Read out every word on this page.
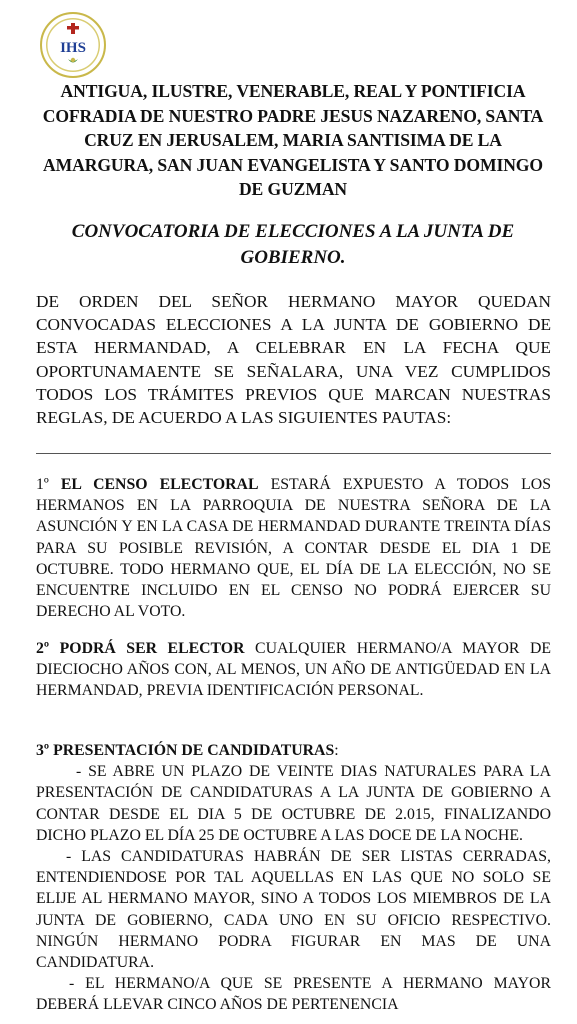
IHS
ANTIGUA, ILUSTRE, VENERABLE, REAL Y PONTIFICIA COFRADIA DE NUESTRO PADRE JESUS NAZARENO, SANTA CRUZ EN JERUSALEM, MARIA SANTISIMA DE LA AMARGURA, SAN JUAN EVANGELISTA Y SANTO DOMINGO DE GUZMAN
CONVOCATORIA DE ELECCIONES A LA JUNTA DE GOBIERNO.
DE ORDEN DEL SEÑOR HERMANO MAYOR QUEDAN CONVOCADAS ELECCIONES A LA JUNTA DE GOBIERNO DE ESTA HERMANDAD, A CELEBRAR EN LA FECHA QUE OPORTUNAMAENTE SE SEÑALARA, UNA VEZ CUMPLIDOS TODOS LOS TRÁMITES PREVIOS QUE MARCAN NUESTRAS REGLAS, DE ACUERDO A LAS SIGUIENTES PAUTAS:
1º EL CENSO ELECTORAL ESTARÁ EXPUESTO A TODOS LOS HERMANOS EN LA PARROQUIA DE NUESTRA SEÑORA DE LA ASUNCIÓN Y EN LA CASA DE HERMANDAD DURANTE TREINTA DÍAS PARA SU POSIBLE REVISIÓN, A CONTAR DESDE EL DIA 1 DE OCTUBRE. TODO HERMANO QUE, EL DÍA DE LA ELECCIÓN, NO SE ENCUENTRE INCLUIDO EN EL CENSO NO PODRÁ EJERCER SU DERECHO AL VOTO.
2º PODRÁ SER ELECTOR CUALQUIER HERMANO/A MAYOR DE DIECIOCHO AÑOS CON, AL MENOS, UN AÑO DE ANTIGÜEDAD EN LA HERMANDAD, PREVIA IDENTIFICACIÓN PERSONAL.
3º PRESENTACIÓN DE CANDIDATURAS:
- SE ABRE UN PLAZO DE VEINTE DIAS NATURALES PARA LA PRESENTACIÓN DE CANDIDATURAS A LA JUNTA DE GOBIERNO A CONTAR DESDE EL DIA 5 DE OCTUBRE DE 2.015, FINALIZANDO DICHO PLAZO EL DÍA 25 DE OCTUBRE A LAS DOCE DE LA NOCHE.
- LAS CANDIDATURAS HABRÁN DE SER LISTAS CERRADAS, ENTENDIENDOSE POR TAL AQUELLAS EN LAS QUE NO SOLO SE ELIJE AL HERMANO MAYOR, SINO A TODOS LOS MIEMBROS DE LA JUNTA DE GOBIERNO, CADA UNO EN SU OFICIO RESPECTIVO. NINGÚN HERMANO PODRA FIGURAR EN MAS DE UNA CANDIDATURA.
- EL HERMANO/A QUE SE PRESENTE A HERMANO MAYOR DEBERÁ LLEVAR CINCO AÑOS DE PERTENENCIA
